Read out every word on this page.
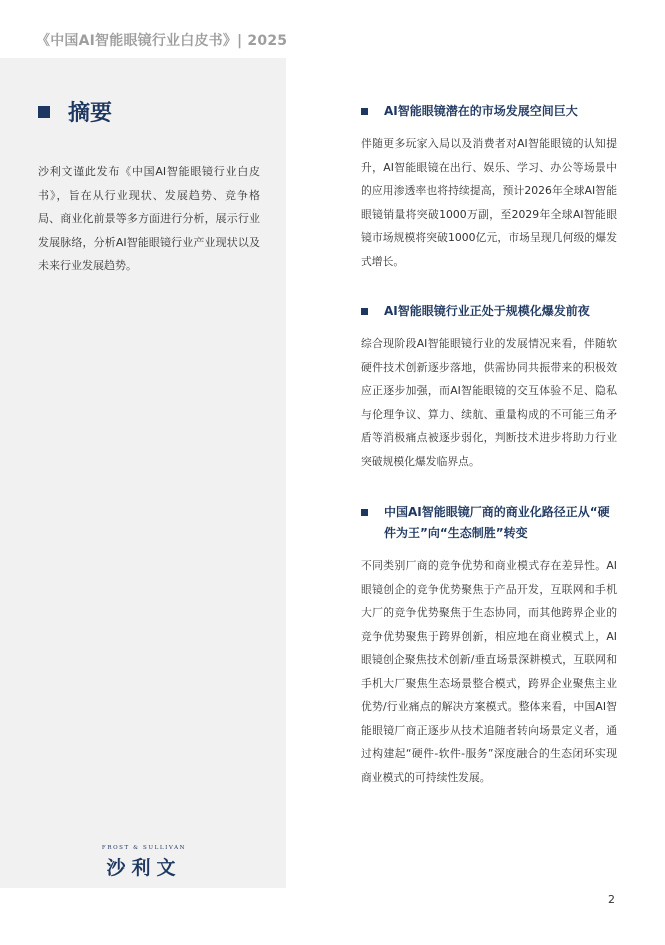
《中国AI智能眼镜行业白皮书》| 2025
摘要
沙利文谨此发布《中国AI智能眼镜行业白皮书》，旨在从行业现状、发展趋势、竞争格局、商业化前景等多方面进行分析，展示行业发展脉络，分析AI智能眼镜行业产业现状以及未来行业发展趋势。
FROST & SULLIVAN
沙利文
AI智能眼镜潜在的市场发展空间巨大
伴随更多玩家入局以及消费者对AI智能眼镜的认知提升，AI智能眼镜在出行、娱乐、学习、办公等场景中的应用渗透率也将持续提高，预计2026年全球AI智能眼镜销量将突破1000万副，至2029年全球AI智能眼镜市场规模将突破1000亿元，市场呈现几何级的爆发式增长。
AI智能眼镜行业正处于规模化爆发前夜
综合现阶段AI智能眼镜行业的发展情况来看，伴随软硬件技术创新逐步落地，供需协同共振带来的积极效应正逐步加强，而AI智能眼镜的交互体验不足、隐私与伦理争议、算力、续航、重量构成的不可能三角矛盾等消极痛点被逐步弱化，判断技术进步将助力行业突破规模化爆发临界点。
中国AI智能眼镜厂商的商业化路径正从“硬件为王”向“生态制胜”转变
不同类别厂商的竞争优势和商业模式存在差异性。AI眼镜创企的竞争优势聚焦于产品开发，互联网和手机大厂的竞争优势聚焦于生态协同，而其他跨界企业的竞争优势聚焦于跨界创新，相应地在商业模式上，AI眼镜创企聚焦技术创新/垂直场景深耕模式，互联网和手机大厂聚焦生态场景整合模式，跨界企业聚焦主业优势/行业痛点的解决方案模式。整体来看，中国AI智能眼镜厂商正逐步从技术追随者转向场景定义者，通过构建起“硬件-软件-服务”深度融合的生态闭环实现商业模式的可持续性发展。
2
